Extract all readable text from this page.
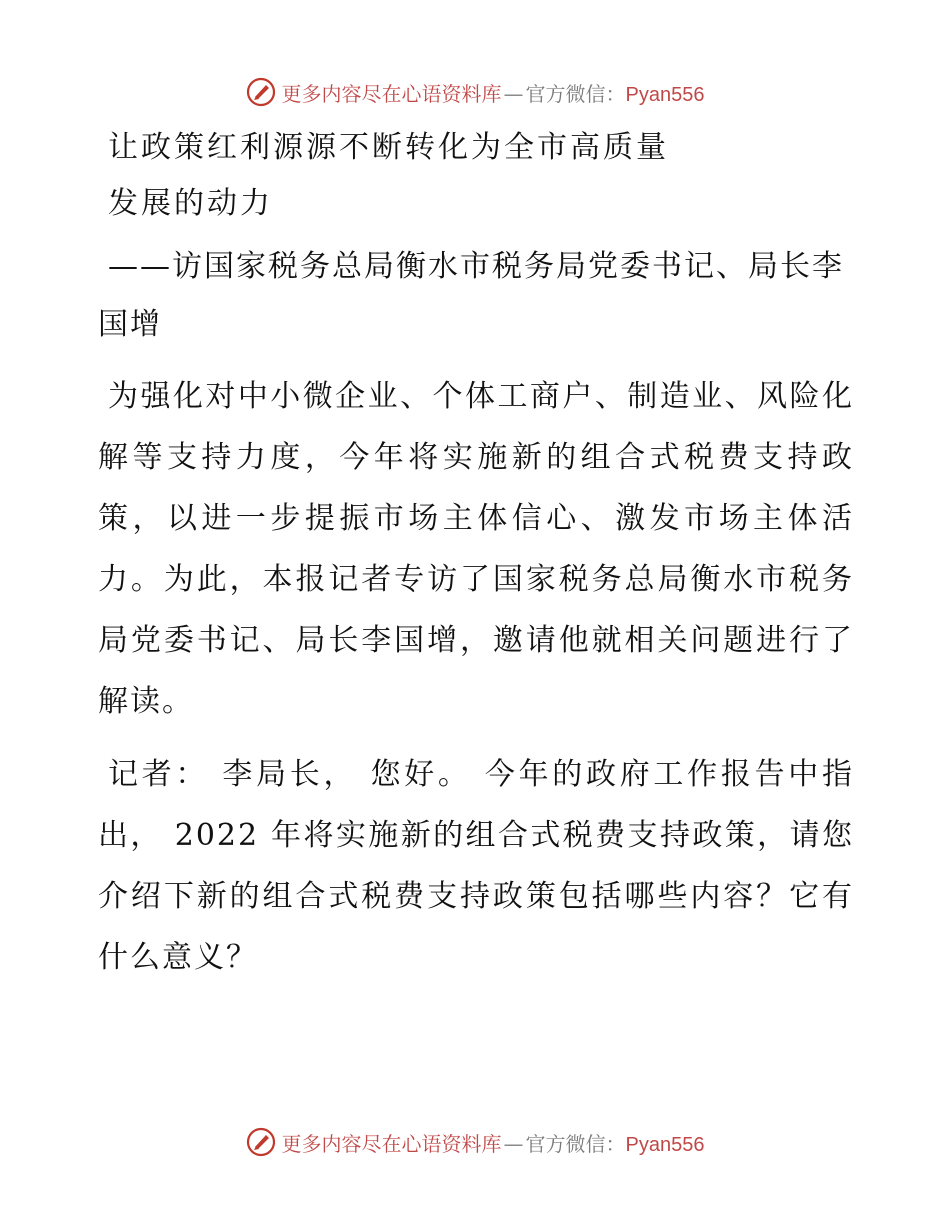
更多内容尽在心语资料库 — 官方微信：Pyan556
让政策红利源源不断转化为全市高质量
发展的动力

——访国家税务总局衡水市税务局党委书记、局长李国增

为强化对中小微企业、个体工商户、制造业、风险化解等支持力度，今年将实施新的组合式税费支持政策，以进一步提振市场主体信心、激发市场主体活力。为此，本报记者专访了国家税务总局衡水市税务局党委书记、局长李国增，邀请他就相关问题进行了解读。

记者： 李局长， 您好。 今年的政府工作报告中指出， 2022 年将实施新的组合式税费支持政策，请您介绍下新的组合式税费支持政策包括哪些内容？它有什么意义？

更多内容尽在心语资料库 — 官方微信：Pyan556
